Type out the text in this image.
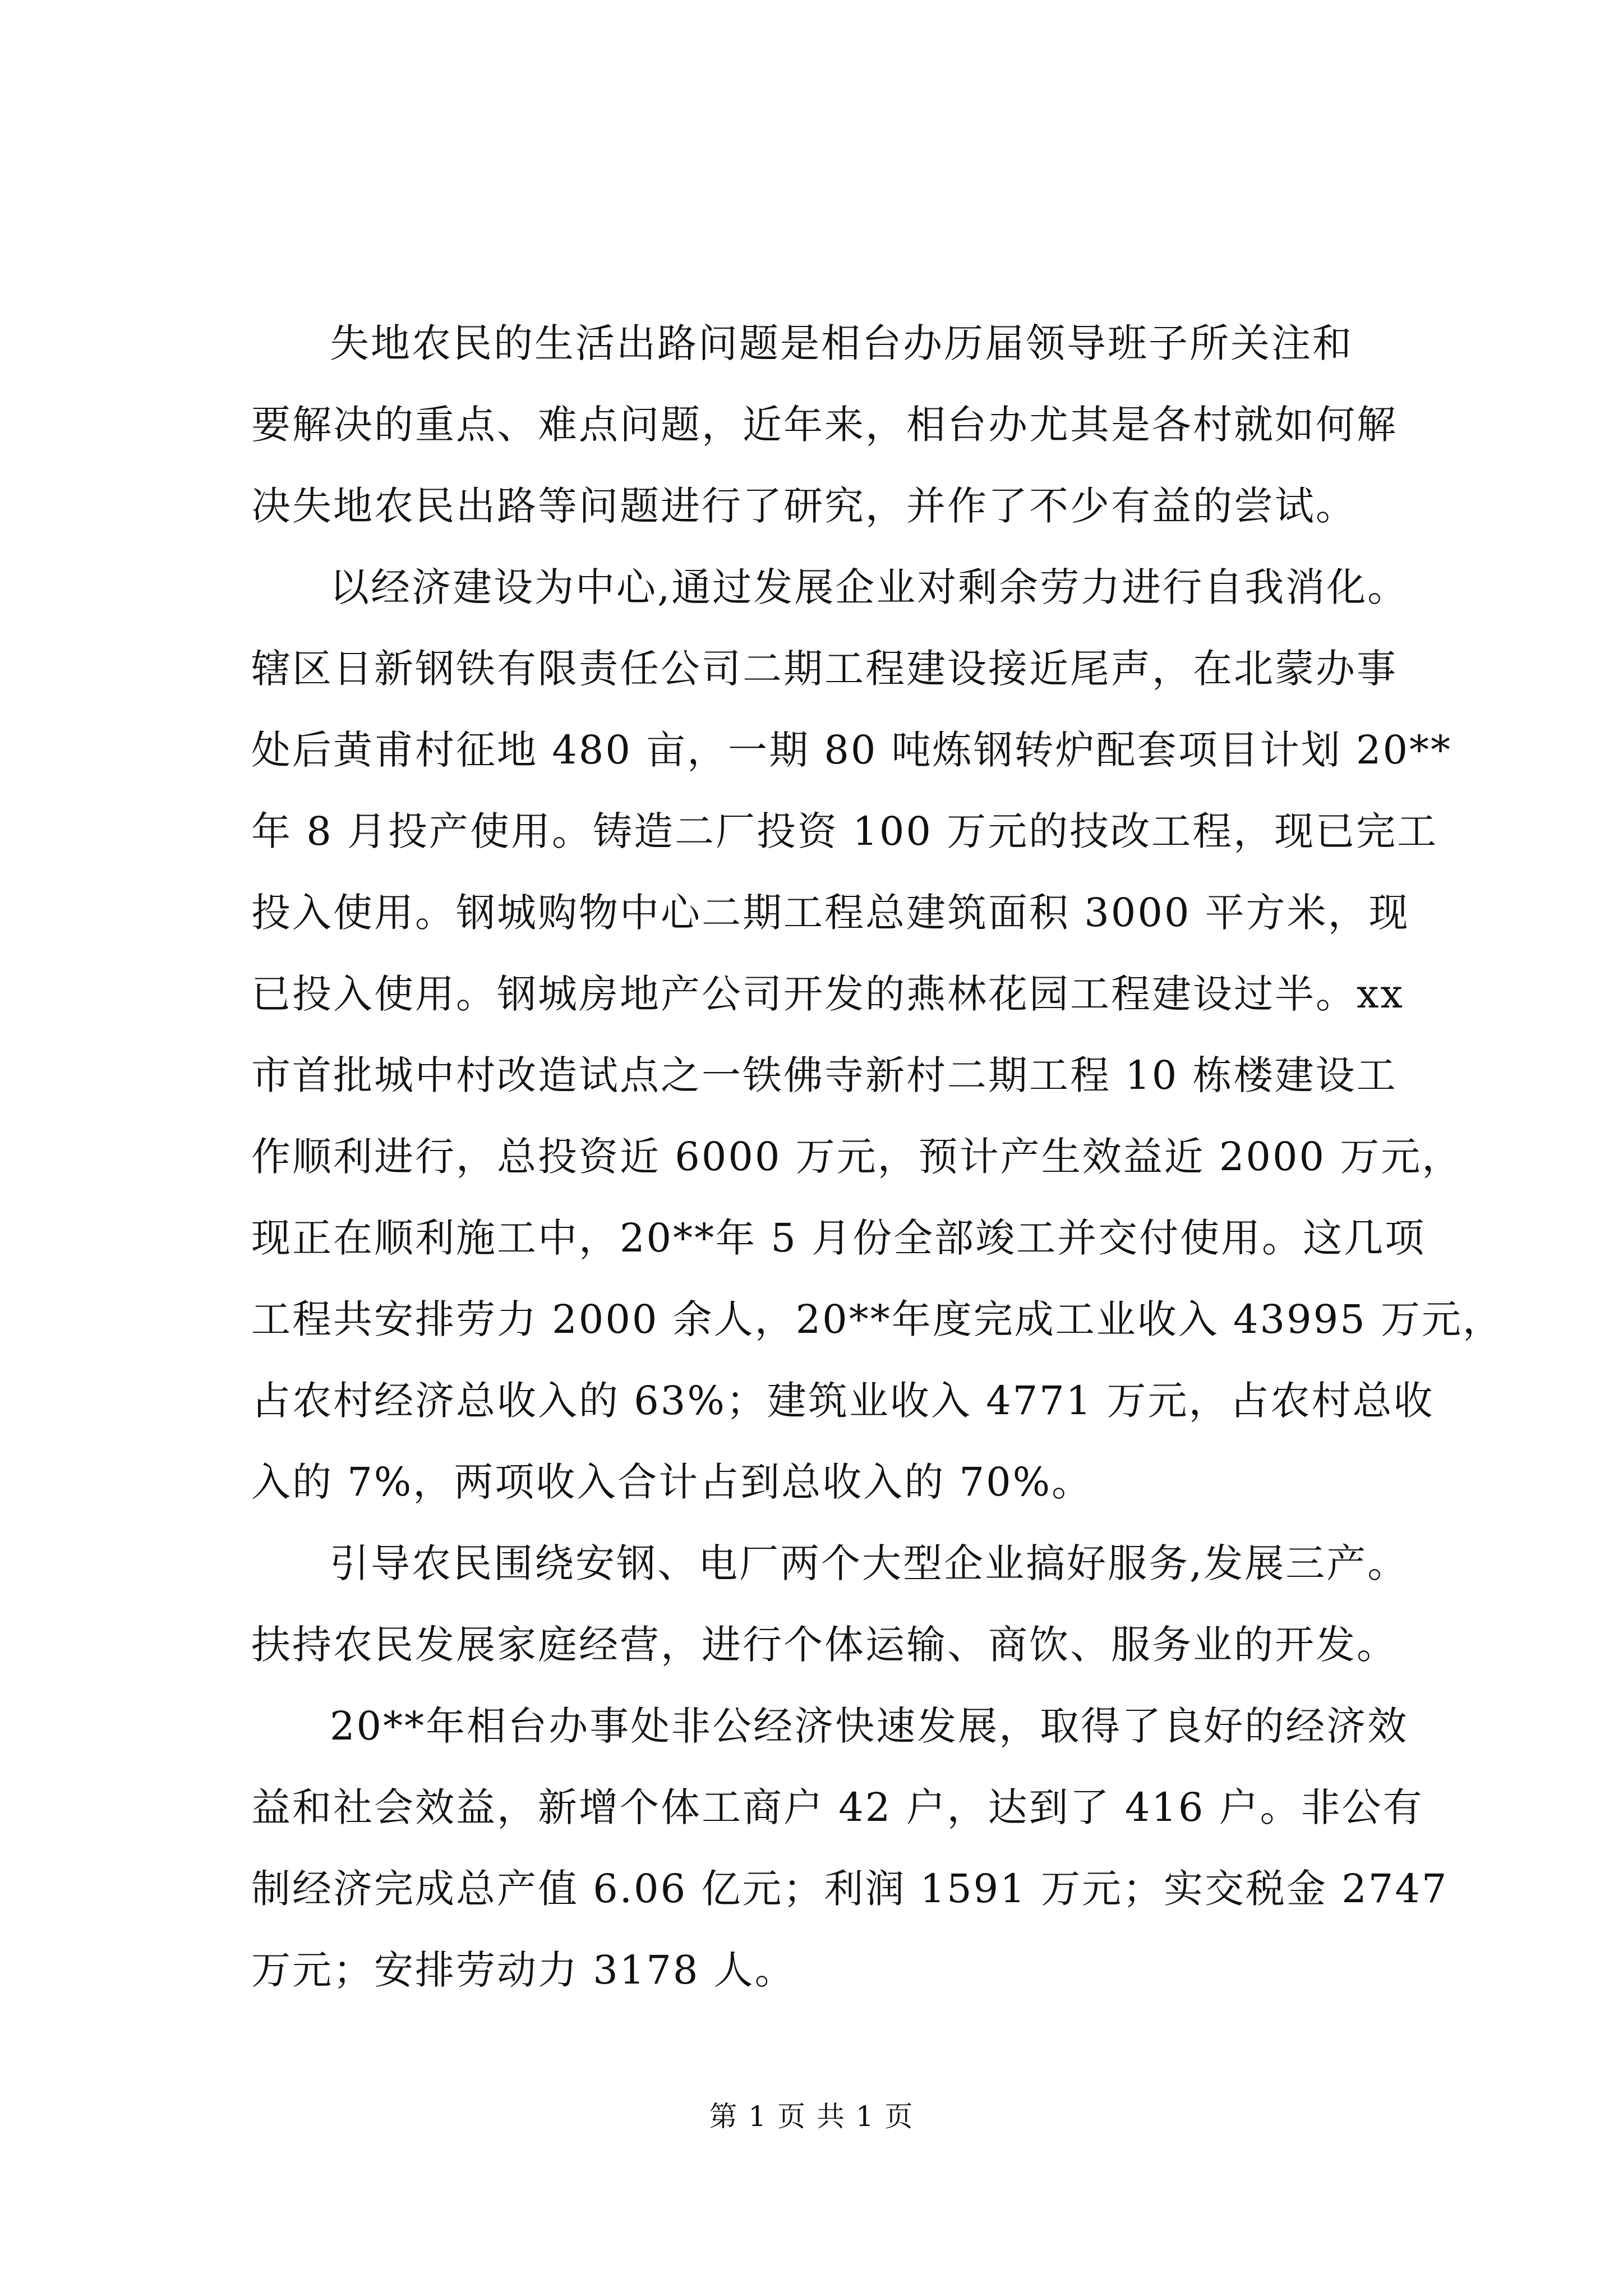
失地农民的生活出路问题是相台办历届领导班子所关注和
要解决的重点、难点问题，近年来，相台办尤其是各村就如何解
决失地农民出路等问题进行了研究，并作了不少有益的尝试。
以经济建设为中心,通过发展企业对剩余劳力进行自我消化。
辖区日新钢铁有限责任公司二期工程建设接近尾声，在北蒙办事
处后黄甫村征地 480 亩，一期 80 吨炼钢转炉配套项目计划 20**
年 8 月投产使用。铸造二厂投资 100 万元的技改工程，现已完工
投入使用。钢城购物中心二期工程总建筑面积 3000 平方米，现
已投入使用。钢城房地产公司开发的燕林花园工程建设过半。xx
市首批城中村改造试点之一铁佛寺新村二期工程 10 栋楼建设工
作顺利进行，总投资近 6000 万元，预计产生效益近 2000 万元，
现正在顺利施工中，20**年 5 月份全部竣工并交付使用。这几项
工程共安排劳力 2000 余人，20**年度完成工业收入 43995 万元，
占农村经济总收入的 63%；建筑业收入 4771 万元，占农村总收
入的 7%，两项收入合计占到总收入的 70%。
引导农民围绕安钢、电厂两个大型企业搞好服务,发展三产。
扶持农民发展家庭经营，进行个体运输、商饮、服务业的开发。
20**年相台办事处非公经济快速发展，取得了良好的经济效
益和社会效益，新增个体工商户 42 户，达到了 416 户。非公有
制经济完成总产值 6.06 亿元；利润 1591 万元；实交税金 2747
万元；安排劳动力 3178 人。
第 1 页 共 1 页
